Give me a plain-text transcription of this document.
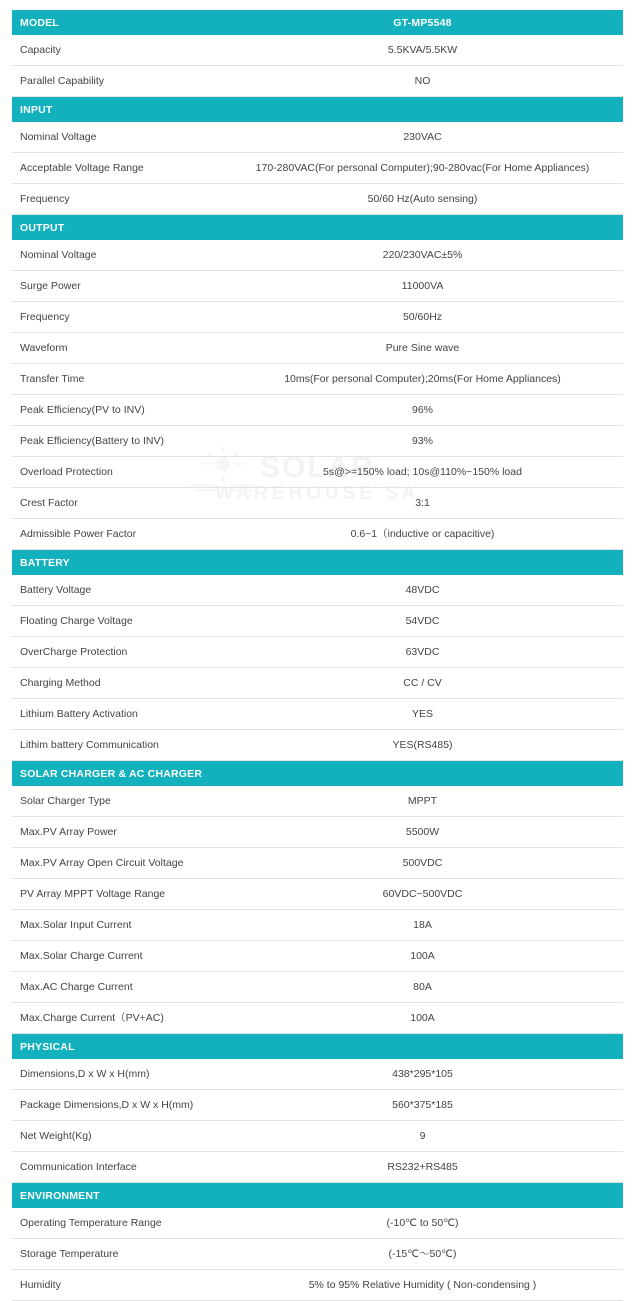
SOLAR
WAREHOUSE SA
MODEL	GT-MP5548
Capacity	5.5KVA/5.5KW
Parallel Capability	NO
INPUT	
Nominal Voltage	230VAC
Acceptable Voltage Range	170-280VAC(For personal Computer);90-280vac(For Home Appliances)
Frequency	50/60 Hz(Auto sensing)
OUTPUT	
Nominal Voltage	220/230VAC±5%
Surge Power	11000VA
Frequency	50/60Hz
Waveform	Pure Sine wave
Transfer Time	10ms(For personal Computer);20ms(For Home Appliances)
Peak Efficiency(PV to INV)	96%
Peak Efficiency(Battery to INV)	93%
Overload Protection	5s@>=150% load; 10s@110%~150% load
Crest Factor	3:1
Admissible Power Factor	0.6~1（inductive or capacitive)
BATTERY	
Battery Voltage	48VDC
Floating Charge Voltage	54VDC
OverCharge Protection	63VDC
Charging Method	CC / CV
Lithium Battery Activation	YES
Lithim battery Communication	YES(RS485)
SOLAR CHARGER & AC CHARGER	
Solar Charger Type	MPPT
Max.PV Array Power	5500W
Max.PV Array Open Circuit Voltage	500VDC
PV Array MPPT Voltage Range	60VDC~500VDC
Max.Solar Input Current	18A
Max.Solar Charge Current	100A
Max.AC Charge Current	80A
Max.Charge Current（PV+AC)	100A
PHYSICAL	
Dimensions,D x W x H(mm)	438*295*105
Package Dimensions,D x W x H(mm)	560*375*185
Net Weight(Kg)	9
Communication Interface	RS232+RS485
ENVIRONMENT	
Operating Temperature Range	(-10℃ to 50℃)
Storage Temperature	(-15℃～50℃)
Humidity	5% to 95% Relative Humidity ( Non-condensing )
